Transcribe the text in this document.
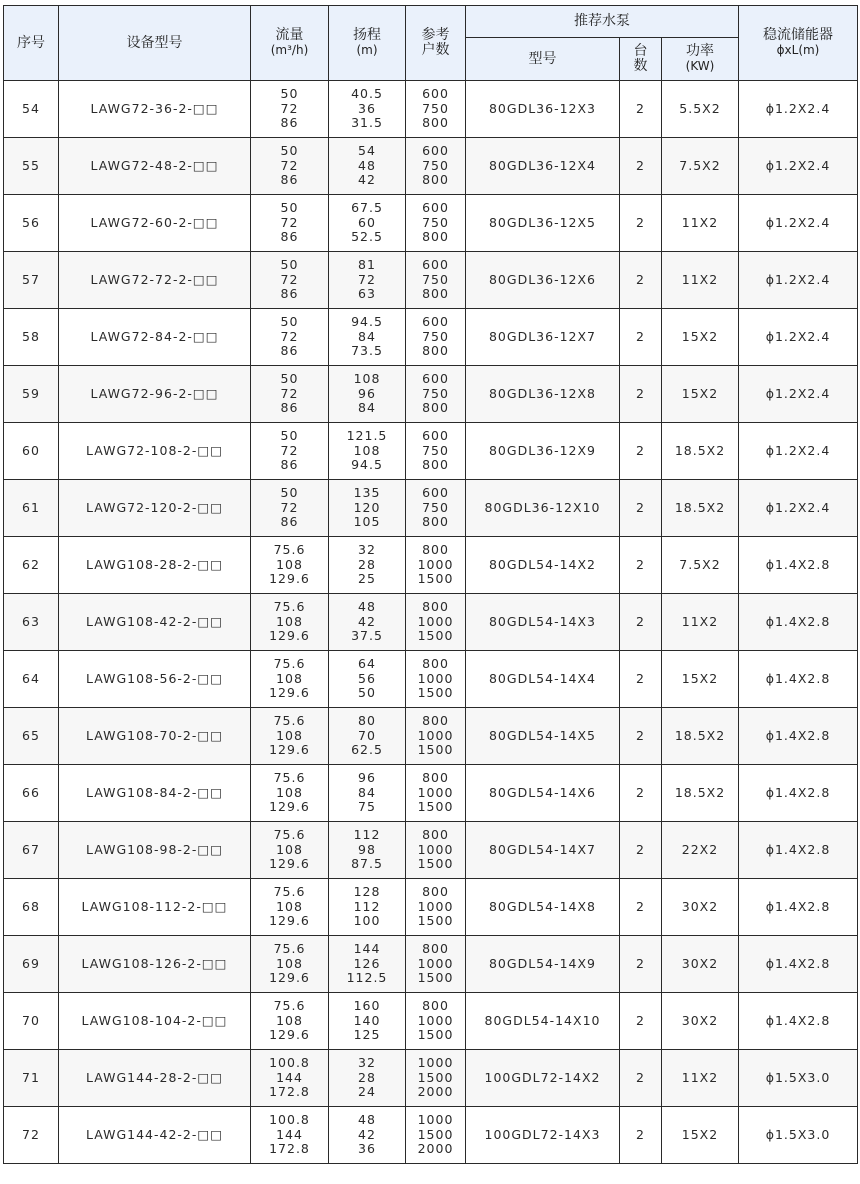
序号	设备型号	流量
(m³/h)	扬程
(m)	参考
户数	推荐水泵			稳流储能器
ϕxL(m)

					型号	台
数	功率
(KW)	

54	LAWG72-36-2-□□	50
72
86	40.5
36
31.5	600
750
800	80GDL36-12X3	2	5.5X2	ϕ1.2X2.4
55	LAWG72-48-2-□□	50
72
86	54
48
42	600
750
800	80GDL36-12X4	2	7.5X2	ϕ1.2X2.4
56	LAWG72-60-2-□□	50
72
86	67.5
60
52.5	600
750
800	80GDL36-12X5	2	11X2	ϕ1.2X2.4
57	LAWG72-72-2-□□	50
72
86	81
72
63	600
750
800	80GDL36-12X6	2	11X2	ϕ1.2X2.4
58	LAWG72-84-2-□□	50
72
86	94.5
84
73.5	600
750
800	80GDL36-12X7	2	15X2	ϕ1.2X2.4
59	LAWG72-96-2-□□	50
72
86	108
96
84	600
750
800	80GDL36-12X8	2	15X2	ϕ1.2X2.4
60	LAWG72-108-2-□□	50
72
86	121.5
108
94.5	600
750
800	80GDL36-12X9	2	18.5X2	ϕ1.2X2.4
61	LAWG72-120-2-□□	50
72
86	135
120
105	600
750
800	80GDL36-12X10	2	18.5X2	ϕ1.2X2.4
62	LAWG108-28-2-□□	75.6
108
129.6	32
28
25	800
1000
1500	80GDL54-14X2	2	7.5X2	ϕ1.4X2.8
63	LAWG108-42-2-□□	75.6
108
129.6	48
42
37.5	800
1000
1500	80GDL54-14X3	2	11X2	ϕ1.4X2.8
64	LAWG108-56-2-□□	75.6
108
129.6	64
56
50	800
1000
1500	80GDL54-14X4	2	15X2	ϕ1.4X2.8
65	LAWG108-70-2-□□	75.6
108
129.6	80
70
62.5	800
1000
1500	80GDL54-14X5	2	18.5X2	ϕ1.4X2.8
66	LAWG108-84-2-□□	75.6
108
129.6	96
84
75	800
1000
1500	80GDL54-14X6	2	18.5X2	ϕ1.4X2.8
67	LAWG108-98-2-□□	75.6
108
129.6	112
98
87.5	800
1000
1500	80GDL54-14X7	2	22X2	ϕ1.4X2.8
68	LAWG108-112-2-□□	75.6
108
129.6	128
112
100	800
1000
1500	80GDL54-14X8	2	30X2	ϕ1.4X2.8
69	LAWG108-126-2-□□	75.6
108
129.6	144
126
112.5	800
1000
1500	80GDL54-14X9	2	30X2	ϕ1.4X2.8
70	LAWG108-104-2-□□	75.6
108
129.6	160
140
125	800
1000
1500	80GDL54-14X10	2	30X2	ϕ1.4X2.8
71	LAWG144-28-2-□□	100.8
144
172.8	32
28
24	1000
1500
2000	100GDL72-14X2	2	11X2	ϕ1.5X3.0
72	LAWG144-42-2-□□	100.8
144
172.8	48
42
36	1000
1500
2000	100GDL72-14X3	2	15X2	ϕ1.5X3.0
